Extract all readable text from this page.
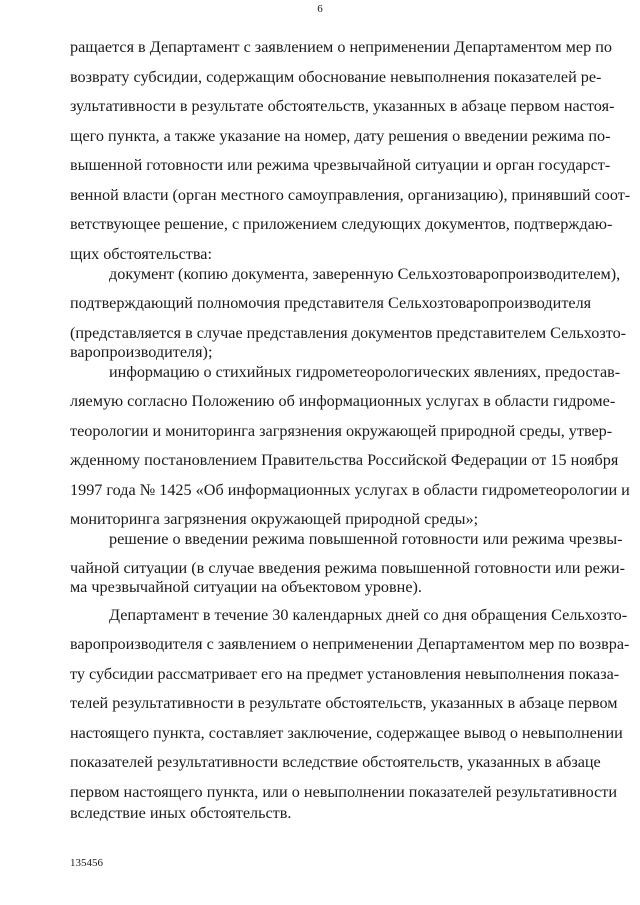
6
ращается в Департамент с заявлением о неприменении Департаментом мер по
возврату субсидии, содержащим обоснование невыполнения показателей ре-
зультативности в результате обстоятельств, указанных в абзаце первом настоя-
щего пункта, а также указание на номер, дату решения о введении режима по-
вышенной готовности или режима чрезвычайной ситуации и орган государст-
венной власти (орган местного самоуправления, организацию), принявший соот-
ветствующее решение, с приложением следующих документов, подтверждаю-
щих обстоятельства:
документ (копию документа, заверенную Сельхозтоваропроизводителем),
подтверждающий полномочия представителя Сельхозтоваропроизводителя
(представляется в случае представления документов представителем Сельхозто-
варопроизводителя);
информацию о стихийных гидрометеорологических явлениях, предостав-
ляемую согласно Положению об информационных услугах в области гидроме-
теорологии и мониторинга загрязнения окружающей природной среды, утвер-
жденному постановлением Правительства Российской Федерации от 15 ноября
1997 года № 1425 «Об информационных услугах в области гидрометеорологии и
мониторинга загрязнения окружающей природной среды»;
решение о введении режима повышенной готовности или режима чрезвы-
чайной ситуации (в случае введения режима повышенной готовности или режи-
ма чрезвычайной ситуации на объектовом уровне).
Департамент в течение 30 календарных дней со дня обращения Сельхозто-
варопроизводителя с заявлением о неприменении Департаментом мер по возвра-
ту субсидии рассматривает его на предмет установления невыполнения показа-
телей результативности в результате обстоятельств, указанных в абзаце первом
настоящего пункта, составляет заключение, содержащее вывод о невыполнении
показателей результативности вследствие обстоятельств, указанных в абзаце
первом настоящего пункта, или о невыполнении показателей результативности
вследствие иных обстоятельств.
135456
